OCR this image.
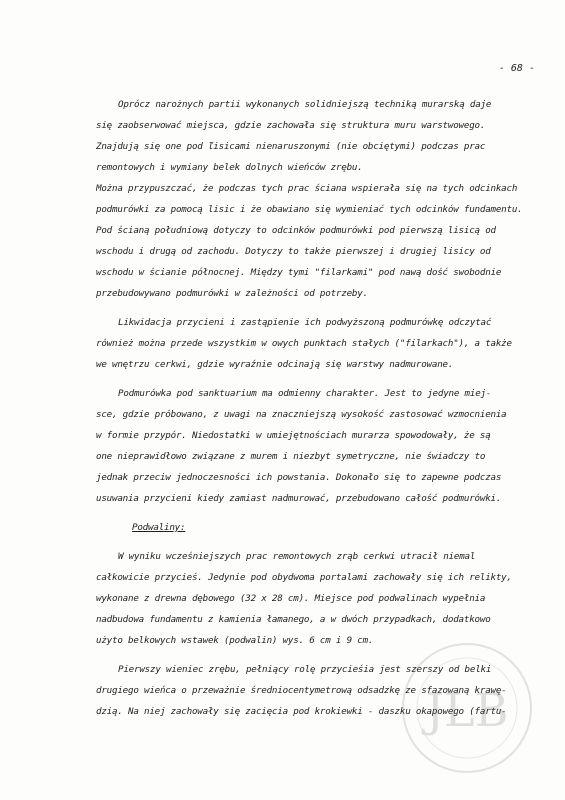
- 68 -
Oprócz narożnych partii wykonanych solidniejszą techniką murarską daje
się zaobserwować miejsca, gdzie zachowała się struktura muru warstwowego.
Znajdują się one pod ľisicami nienaruszonymi (nie obciętymi) podczas prac
remontowych i wymiany belek dolnych wieńców zrębu.
Można przypuszczać, że podczas tych prac ściana wspierała się na tych odcinkach
podmurówki za pomocą lisic i że obawiano się wymieniać tych odcinków fundamentu.
Pod ścianą południową dotyczy to odcinków podmurówki pod pierwszą lisicą od
wschodu i drugą od zachodu. Dotyczy to także pierwszej i drugiej lisicy od
wschodu w ścianie północnej. Między tymi "filarkami" pod nawą dość swobodnie
przebudowywano podmurówki w zależności od potrzeby.
Likwidacja przycieni i zastąpienie ich podwyższoną podmurówkę odczytać
również można przede wszystkim w owych punktach stałych ("filarkach"), a także
we wnętrzu cerkwi, gdzie wyraźnie odcinają się warstwy nadmurowane.
Podmurówka pod sanktuarium ma odmienny charakter. Jest to jedyne miej-
sce, gdzie próbowano, z uwagi na znaczniejszą wysokość zastosować wzmocnienia
w formie przypór. Niedostatki w umiejętnościach murarza spowodowały, że są
one nieprawidłowo związane z murem i niezbyt symetryczne, nie świadczy to
jednak przeciw jednoczesności ich powstania. Dokonało się to zapewne podczas
usuwania przycieni kiedy zamiast nadmurować, przebudowano całość podmurówki.
Podwaliny:
W wyniku wcześniejszych prac remontowych zrąb cerkwi utracił niemal
całkowicie przycieś. Jedynie pod obydwoma portalami zachowały się ich relikty,
wykonane z drewna dębowego (32 x 28 cm). Miejsce pod podwalinach wypełnia
nadbudowa fundamentu z kamienia łamanego, a w dwóch przypadkach, dodatkowo
użyto belkowych wstawek (podwalin) wys. 6 cm i 9 cm.
Pierwszy wieniec zrębu, pełniący rolę przycieśia jest szerszy od belki
drugiego wieńca o przeważnie średniocentymetrową odsadzkę ze sfazowaną krawę-
dzią. Na niej zachowały się zacięcia pod krokiewki - daszku okapowego (fartu-
JLB
